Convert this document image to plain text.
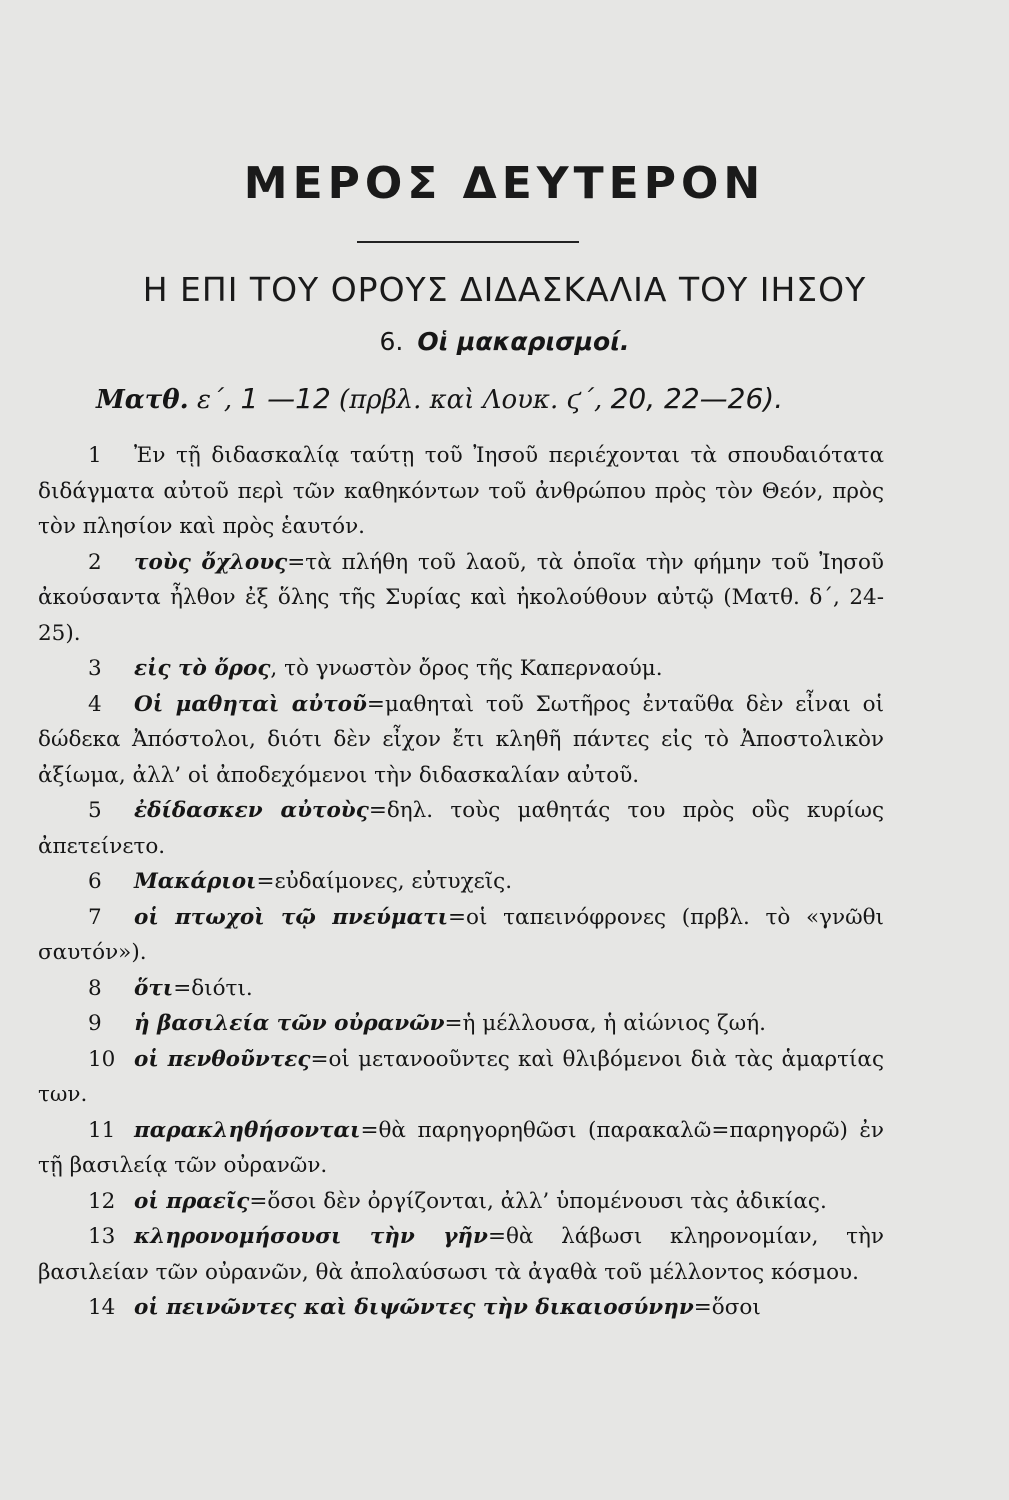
ΜΕΡΟΣ ΔΕΥΤΕΡΟΝ
Η ΕΠΙ ΤΟΥ ΟΡΟΥΣ ΔΙΔΑΣΚΑΛΙΑ ΤΟΥ ΙΗΣΟΥ
6. Οἱ μακαρισμοί.
Ματθ. ε΄, 1 —12 (πρβλ. καὶ Λουκ. ϛ΄, 20, 22—26).

1 Ἐν τῇ διδασκαλίᾳ ταύτῃ τοῦ Ἰησοῦ περιέχονται τὰ σπουδαιότατα διδάγματα αὐτοῦ περὶ τῶν καθηκόντων τοῦ ἀνθρώπου πρὸς τὸν Θεόν, πρὸς τὸν πλησίον καὶ πρὸς ἑαυτόν.

2 τοὺς ὄχλους=τὰ πλήθη τοῦ λαοῦ, τὰ ὁποῖα τὴν φήμην τοῦ Ἰησοῦ ἀκούσαντα ἦλθον ἐξ ὅλης τῆς Συρίας καὶ ἠκολούθουν αὐτῷ (Ματθ. δ΄, 24-25).

3 εἰς τὸ ὄρος, τὸ γνωστὸν ὄρος τῆς Καπερναούμ.

4 Οἱ μαθηταὶ αὐτοῦ=μαθηταὶ τοῦ Σωτῆρος ἐνταῦθα δὲν εἶναι οἱ δώδεκα Ἀπόστολοι, διότι δὲν εἶχον ἔτι κληθῆ πάντες εἰς τὸ Ἀποστολικὸν ἀξίωμα, ἀλλ’ οἱ ἀποδεχόμενοι τὴν διδασκαλίαν αὐτοῦ.

5 ἐδίδασκεν αὐτοὺς=δηλ. τοὺς μαθητάς του πρὸς οὓς κυρίως ἀπετείνετο.

6 Μακάριοι=εὐδαίμονες, εὐτυχεῖς.

7 οἱ πτωχοὶ τῷ πνεύματι=οἱ ταπεινόφρονες (πρβλ. τὸ «γνῶθι σαυτόν»).

8 ὅτι=διότι.

9 ἡ βασιλεία τῶν οὐρανῶν=ἡ μέλλουσα, ἡ αἰώνιος ζωή.

10 οἱ πενθοῦντες=οἱ μετανοοῦντες καὶ θλιβόμενοι διὰ τὰς ἁμαρτίας των.

11 παρακληθήσονται=θὰ παρηγορηθῶσι (παρακαλῶ=παρηγορῶ) ἐν τῇ βασιλείᾳ τῶν οὐρανῶν.

12 οἱ πραεῖς=ὅσοι δὲν ὀργίζονται, ἀλλ’ ὑπομένουσι τὰς ἀδικίας.

13 κληρονομήσουσι τὴν γῆν=θὰ λάβωσι κληρονομίαν, τὴν βασιλείαν τῶν οὐρανῶν, θὰ ἀπολαύσωσι τὰ ἀγαθὰ τοῦ μέλλοντος κόσμου.

14 οἱ πεινῶντες καὶ διψῶντες τὴν δικαιοσύνην=ὅσοι
